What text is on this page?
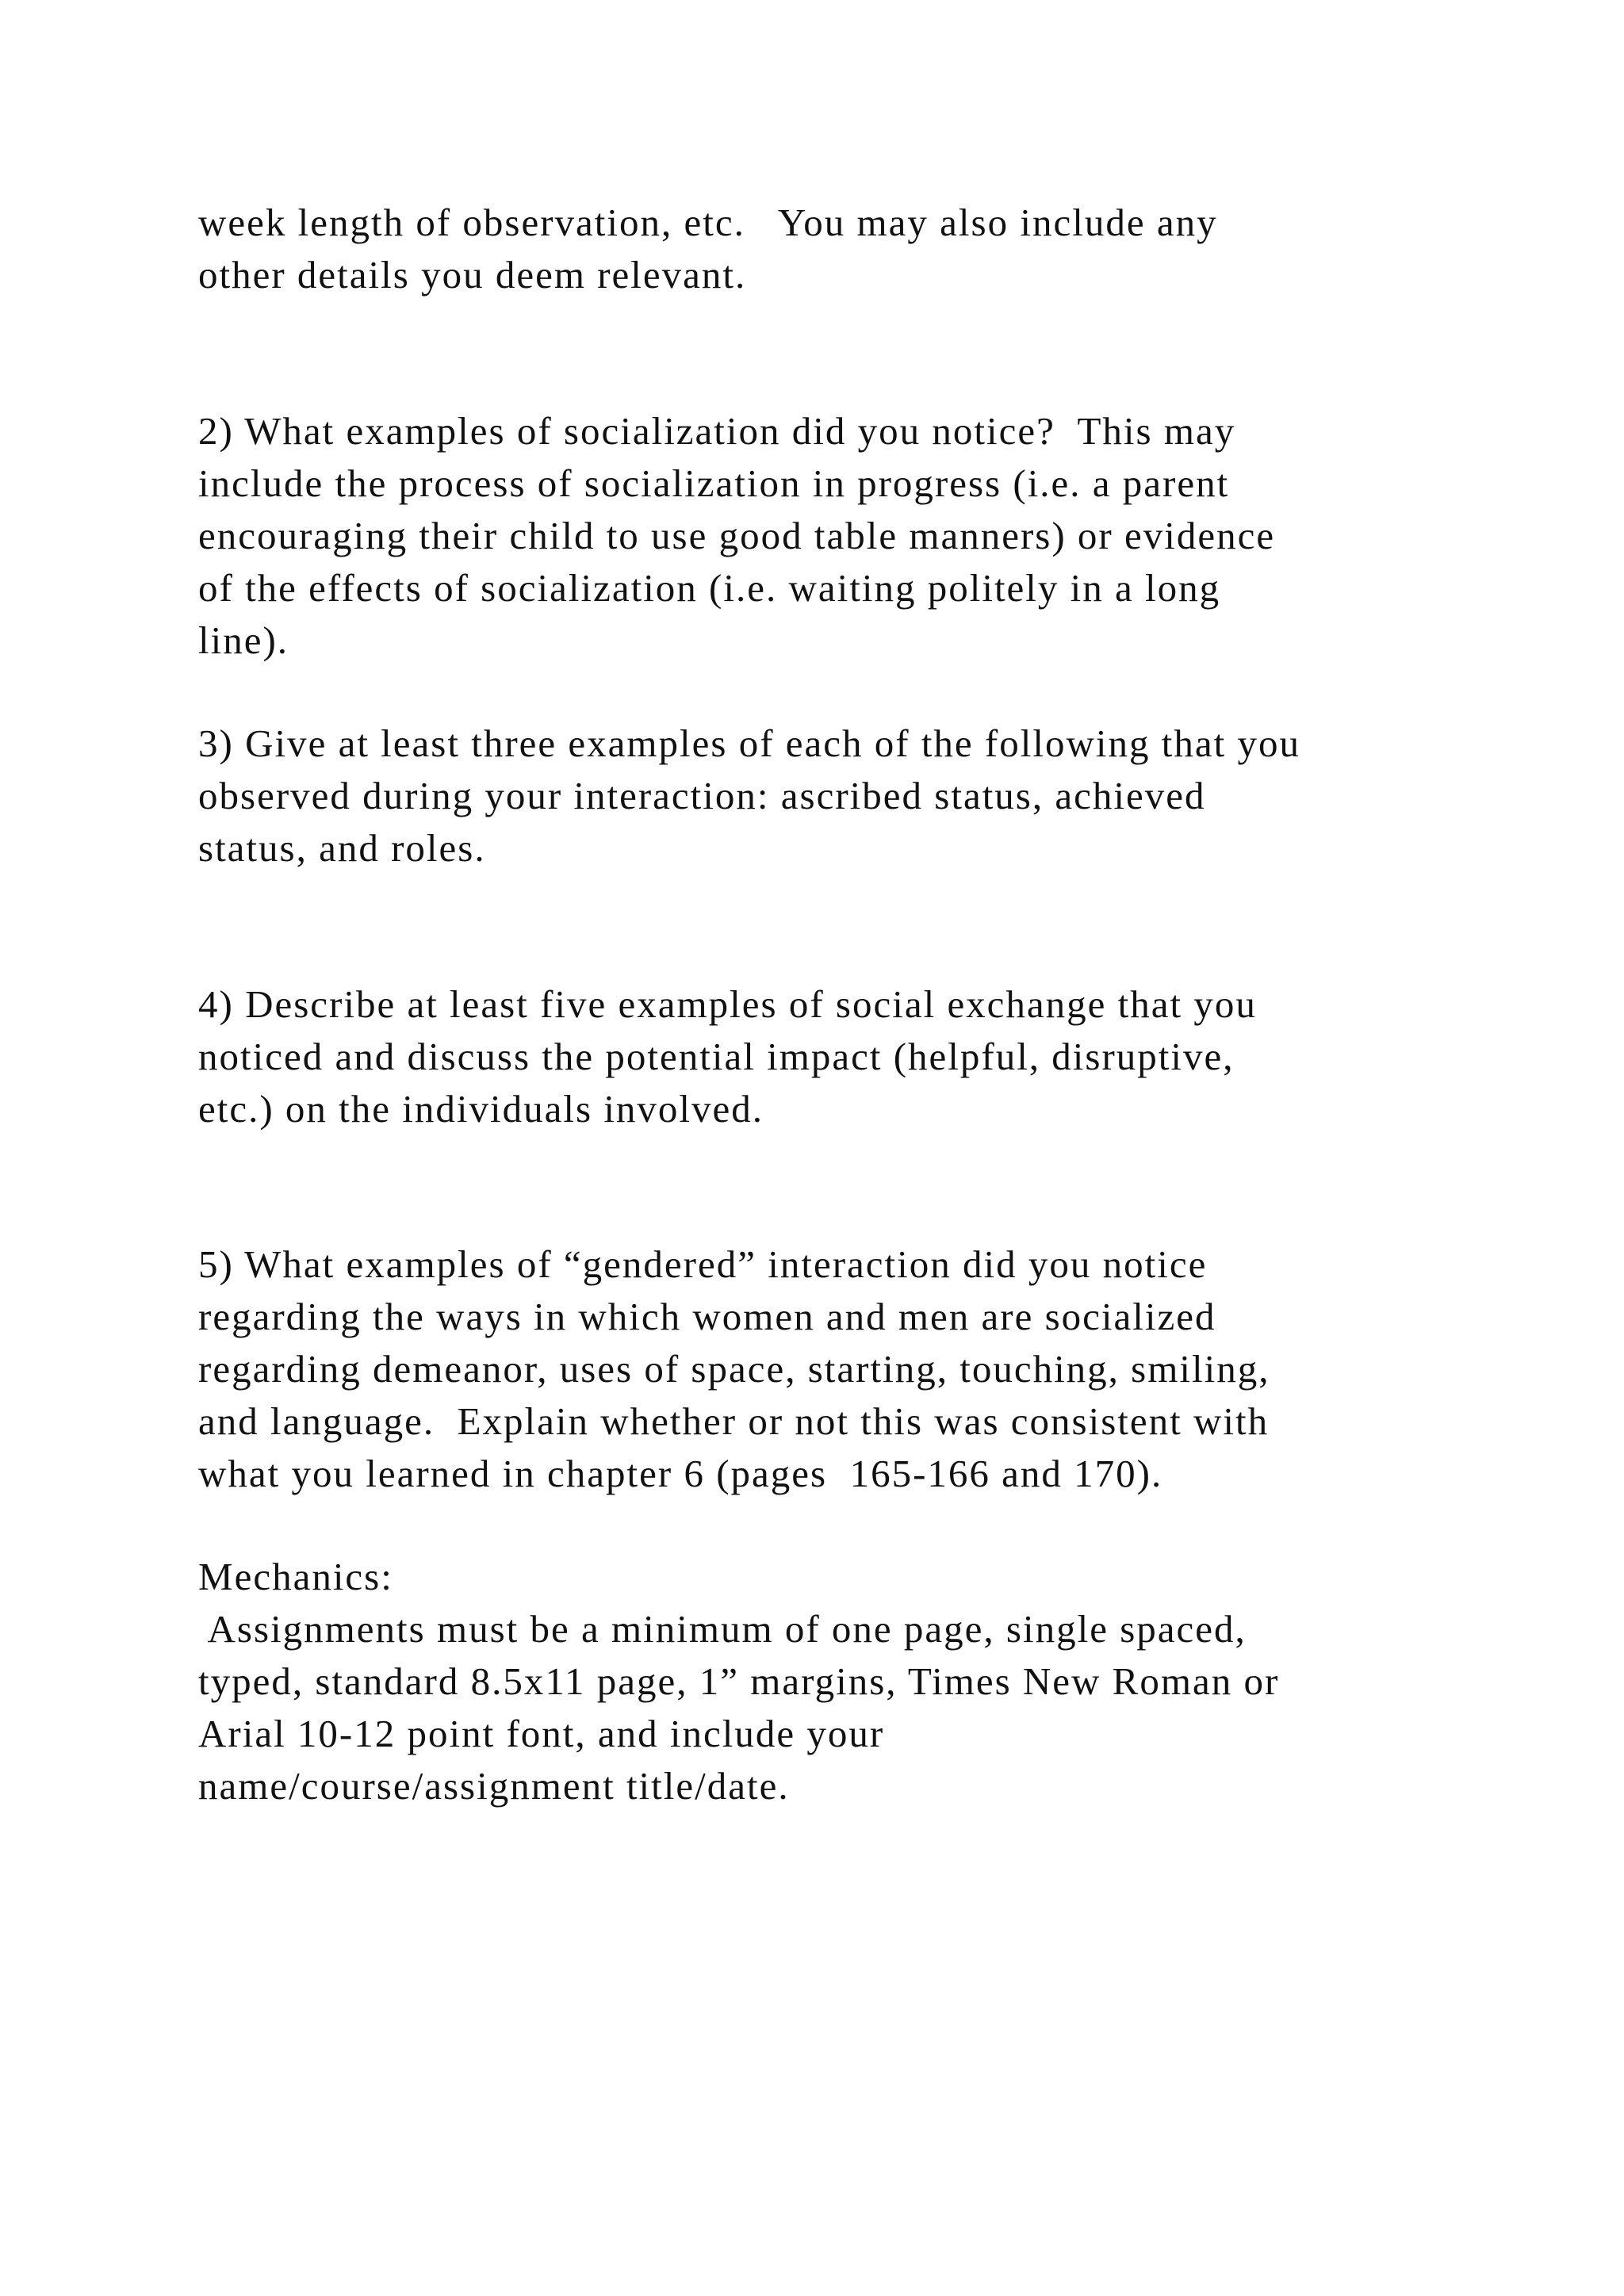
week length of observation, etc.   You may also include any
other details you deem relevant.
2) What examples of socialization did you notice?  This may
include the process of socialization in progress (i.e. a parent
encouraging their child to use good table manners) or evidence
of the effects of socialization (i.e. waiting politely in a long
line).
3) Give at least three examples of each of the following that you
observed during your interaction: ascribed status, achieved
status, and roles.
4) Describe at least five examples of social exchange that you
noticed and discuss the potential impact (helpful, disruptive,
etc.) on the individuals involved.
5) What examples of “gendered” interaction did you notice
regarding the ways in which women and men are socialized
regarding demeanor, uses of space, starting, touching, smiling,
and language.  Explain whether or not this was consistent with
what you learned in chapter 6 (pages  165-166 and 170).
Mechanics:
Assignments must be a minimum of one page, single spaced,
typed, standard 8.5x11 page, 1” margins, Times New Roman or
Arial 10-12 point font, and include your
name/course/assignment title/date.
